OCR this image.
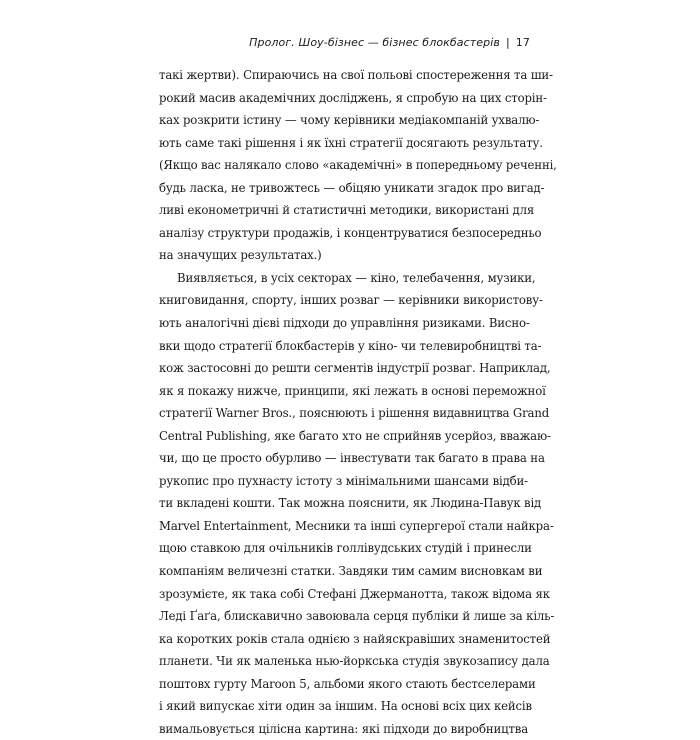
Пролог. Шоу-бізнес — бізнес блокбастерів | 17
такі жертви). Спираючись на свої польові спостереження та ши-
рокий масив академічних досліджень, я спробую на цих сторін-
ках розкрити істину — чому керівники медіакомпаній ухвалю-
ють саме такі рішення і як їхні стратегії досягають результату.
(Якщо вас налякало слово «академічні» в попередньому реченні,
будь ласка, не тривожтесь — обіцяю уникати згадок про вигад-
ливі економетричні й статистичні методики, використані для
аналізу структури продажів, і концентруватися безпосередньо
на значущих результатах.)
Виявляється, в усіх секторах — кіно, телебачення, музики,
книговидання, спорту, інших розваг — керівники використову-
ють аналогічні дієві підходи до управління ризиками. Висно-
вки щодо стратегії блокбастерів у кіно- чи телевиробництві та-
кож застосовні до решти сегментів індустрії розваг. Наприклад,
як я покажу нижче, принципи, які лежать в основі переможної
стратегії Warner Bros., пояснюють і рішення видавництва Grand
Central Publishing, яке багато хто не сприйняв усерйоз, вважаю-
чи, що це просто обурливо — інвестувати так багато в права на
рукопис про пухнасту істоту з мінімальними шансами відби-
ти вкладені кошти. Так можна пояснити, як Людина-Павук від
Marvel Entertainment, Месники та інші супергерої стали найкра-
щою ставкою для очільників голлівудських студій і принесли
компаніям величезні статки. Завдяки тим самим висновкам ви
зрозумієте, як така собі Стефані Джерманотта, також відома як
Леді Ґаґа, блискавично завоювала серця публіки й лише за кіль-
ка коротких років стала однією з найяскравіших знаменитостей
планети. Чи як маленька нью-йоркська студія звукозапису дала
поштовх гурту Maroon 5, альбоми якого стають бестселерами
і який випускає хіти один за іншим. На основі всіх цих кейсів
вимальовується цілісна картина: які підходи до виробництва
